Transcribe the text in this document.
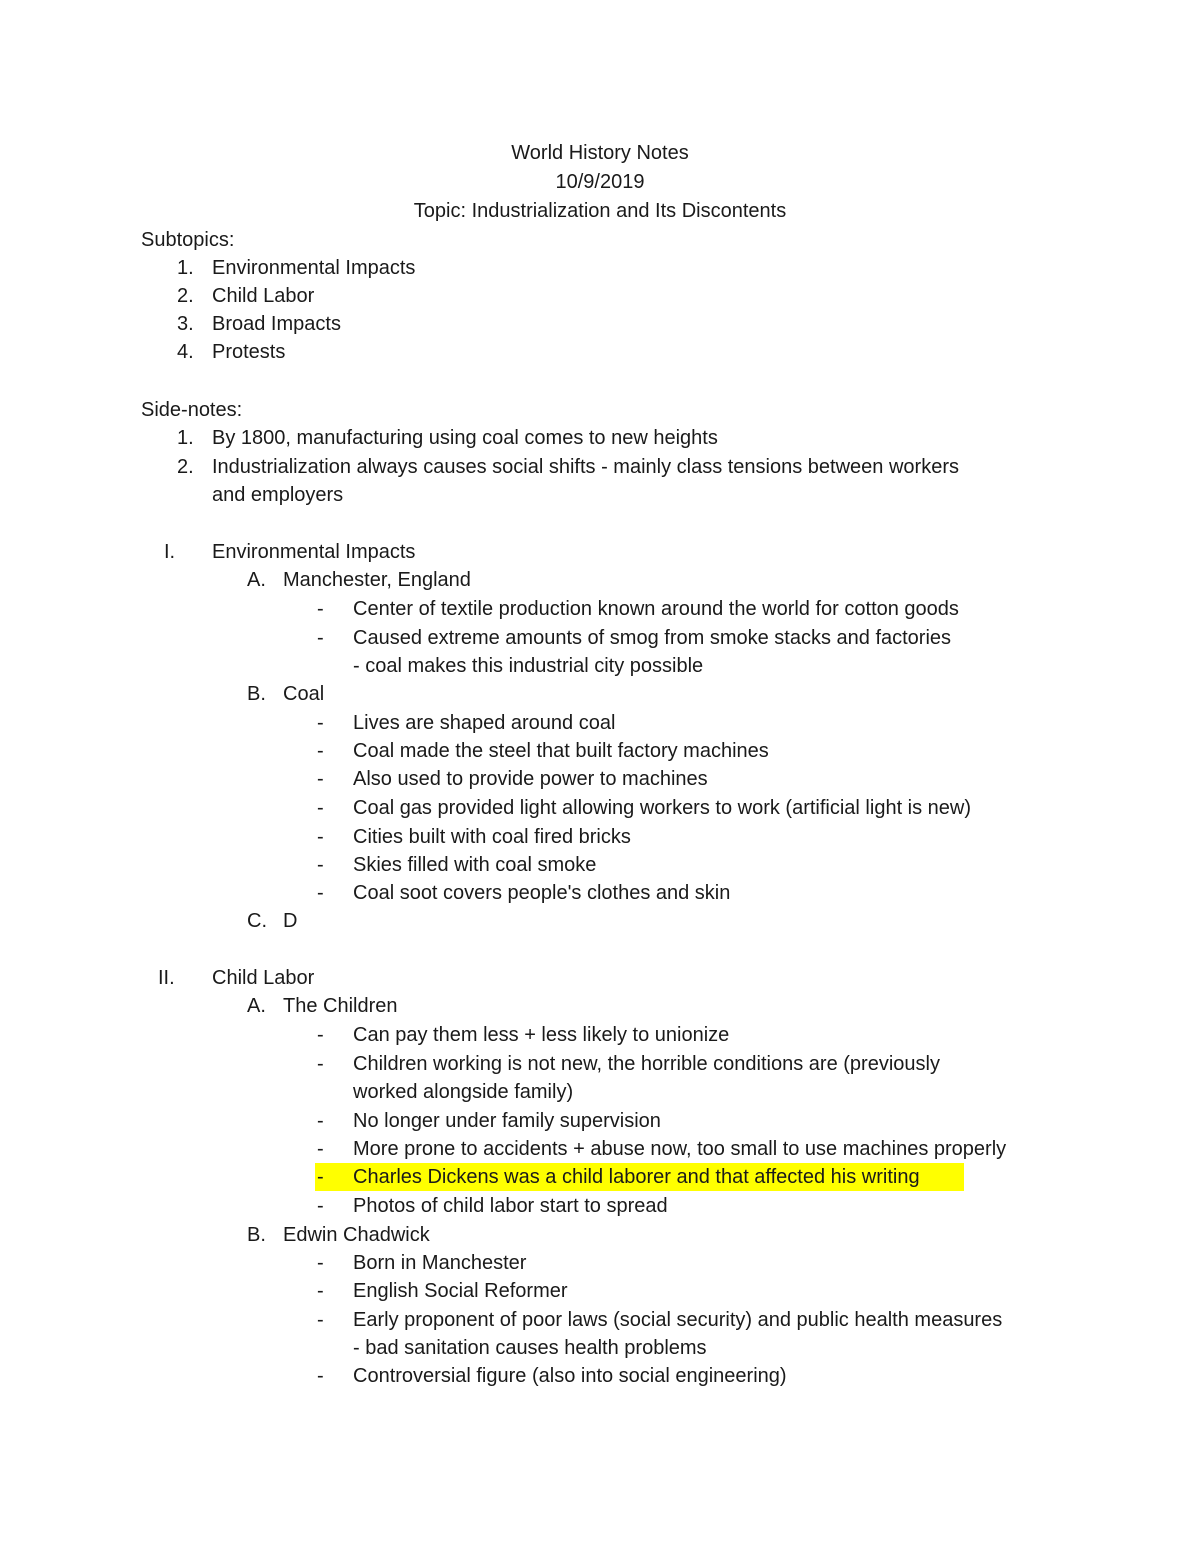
World History Notes
10/9/2019
Topic: Industrialization and Its Discontents
Subtopics:
1. Environmental Impacts
2. Child Labor
3. Broad Impacts
4. Protests
Side-notes:
1. By 1800, manufacturing using coal comes to new heights
2. Industrialization always causes social shifts - mainly class tensions between workers
and employers
I. Environmental Impacts
A. Manchester, England
- Center of textile production known around the world for cotton goods
- Caused extreme amounts of smog from smoke stacks and factories
- coal makes this industrial city possible
B. Coal
- Lives are shaped around coal
- Coal made the steel that built factory machines
- Also used to provide power to machines
- Coal gas provided light allowing workers to work (artificial light is new)
- Cities built with coal fired bricks
- Skies filled with coal smoke
- Coal soot covers people's clothes and skin
C. D
II. Child Labor
A. The Children
- Can pay them less + less likely to unionize
- Children working is not new, the horrible conditions are (previously
worked alongside family)
- No longer under family supervision
- More prone to accidents + abuse now, too small to use machines properly
- Charles Dickens was a child laborer and that affected his writing
- Photos of child labor start to spread
B. Edwin Chadwick
- Born in Manchester
- English Social Reformer
- Early proponent of poor laws (social security) and public health measures
- bad sanitation causes health problems
- Controversial figure (also into social engineering)
